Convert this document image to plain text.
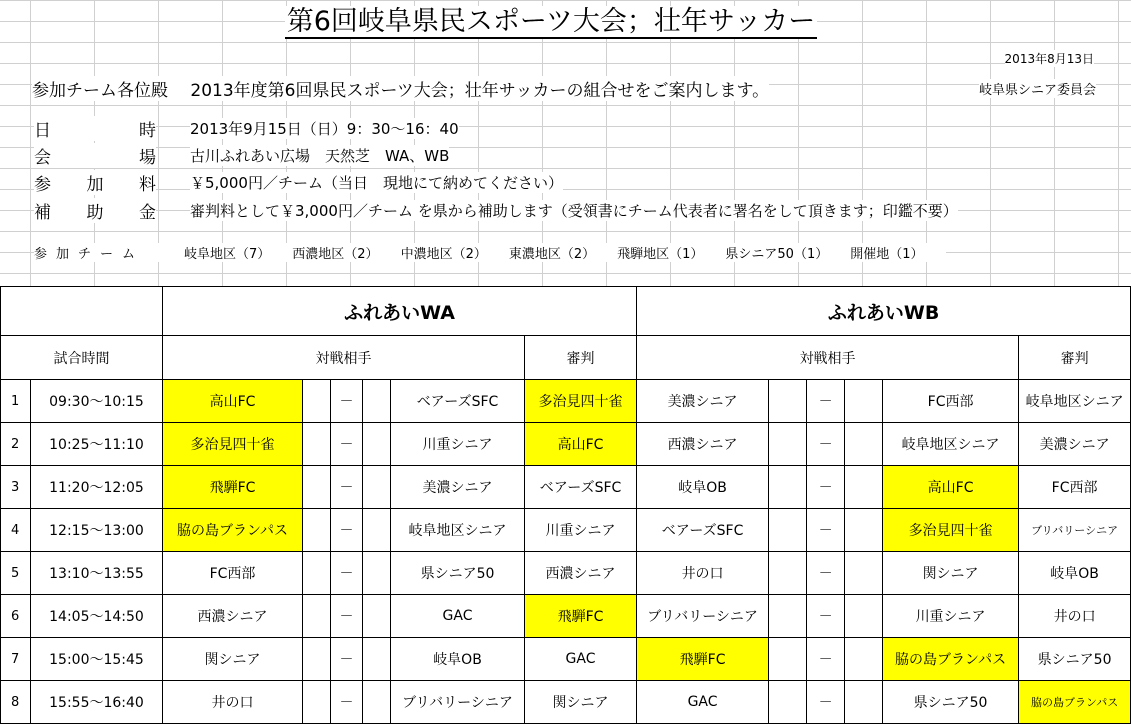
第6回岐阜県民スポーツ大会；壮年サッカー
2013年8月13日
参加チーム各位殿　 2013年度第6回県民スポーツ大会；壮年サッカーの組合せをご案内します。	岐阜県シニア委員会
日	時 2013年9月15日（日）9：30～16：40
会	場 古川ふれあい広場　天然芝　WA、WB
参 加 料 ￥5,000円／チーム（当日　現地にて納めてください）
補 助 金 審判料として￥3,000円／チーム を県から補助します（受領書にチーム代表者に署名をして頂きます；印鑑不要）
参加チーム	岐阜地区（7） 西濃地区（2） 中濃地区（2） 東濃地区（2） 飛騨地区（1） 県シニア50（1） 開催地（1）
		ふれあいWA						ふれあいWB					
試合時間		対戦相手					審判	対戦相手					審判
1	09:30～10:15	高山FC		－		ベアーズSFC	多治見四十雀	美濃シニア		－		FC西部	岐阜地区シニア
2	10:25～11:10	多治見四十雀		－		川重シニア	高山FC	西濃シニア		－		岐阜地区シニア	美濃シニア
3	11:20～12:05	飛騨FC		－		美濃シニア	ベアーズSFC	岐阜OB		－		高山FC	FC西部
4	12:15～13:00	脇の島ブランパス		－		岐阜地区シニア	川重シニア	ベアーズSFC		－		多治見四十雀	ブリバリーシニア
5	13:10～13:55	FC西部		－		県シニア50	西濃シニア	井の口		－		関シニア	岐阜OB
6	14:05～14:50	西濃シニア		－		GAC	飛騨FC	ブリバリーシニア		－		川重シニア	井の口
7	15:00～15:45	関シニア		－		岐阜OB	GAC	飛騨FC		－		脇の島ブランパス	県シニア50
8	15:55～16:40	井の口		－		ブリバリーシニア	関シニア	GAC		－		県シニア50	脇の島ブランパス
